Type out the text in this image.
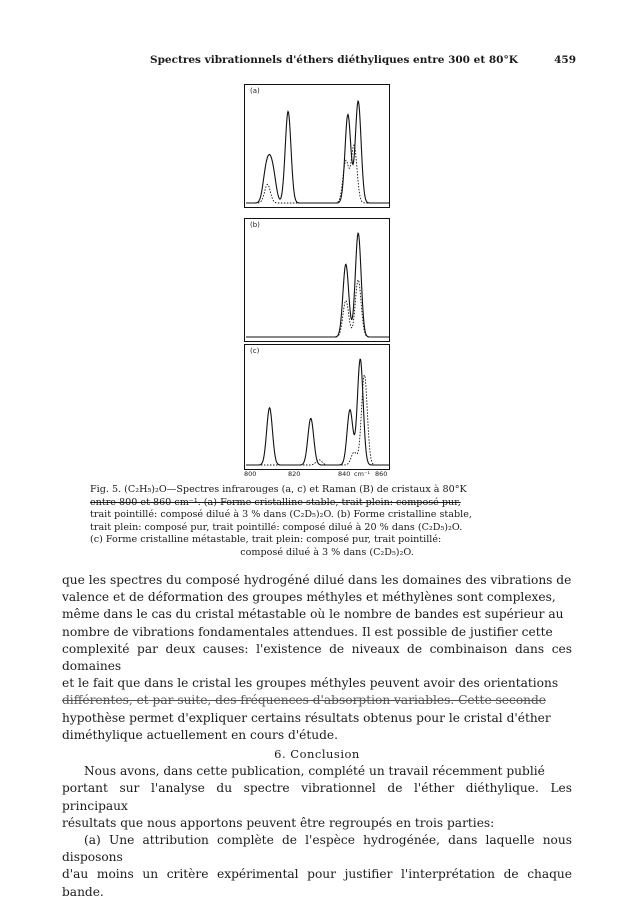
Spectres vibrationnels d'éthers diéthyliques entre 300 et 80°K	459
(a)
(b)
(c)
800	820	840 cm⁻¹ 860
Fig. 5. (C₂H₅)₂O—Spectres infrarouges (a, c) et Raman (B) de cristaux à 80°K
entre 800 et 860 cm⁻¹. (a) Forme cristalline stable, trait plein: composé pur,
trait pointillé: composé dilué à 3 % dans (C₂D₅)₂O. (b) Forme cristalline stable,
trait plein: composé pur, trait pointillé: composé dilué à 20 % dans (C₂D₅)₂O.
(c) Forme cristalline métastable, trait plein: composé pur, trait pointillé:
composé dilué à 3 % dans (C₂D₅)₂O.

que les spectres du composé hydrogéné dilué dans les domaines des vibrations de
valence et de déformation des groupes méthyles et méthylènes sont complexes,
même dans le cas du cristal métastable où le nombre de bandes est supérieur au
nombre de vibrations fondamentales attendues. Il est possible de justifier cette
complexité par deux causes: l'existence de niveaux de combinaison dans ces domaines
et le fait que dans le cristal les groupes méthyles peuvent avoir des orientations
différentes, et par suite, des fréquences d'absorption variables. Cette seconde
hypothèse permet d'expliquer certains résultats obtenus pour le cristal d'éther
diméthylique actuellement en cours d'étude.

6. Conclusion

Nous avons, dans cette publication, complété un travail récemment publié
portant sur l'analyse du spectre vibrationnel de l'éther diéthylique. Les principaux
résultats que nous apportons peuvent être regroupés en trois parties:

(a) Une attribution complète de l'espèce hydrogénée, dans laquelle nous disposons
d'au moins un critère expérimental pour justifier l'interprétation de chaque bande.
